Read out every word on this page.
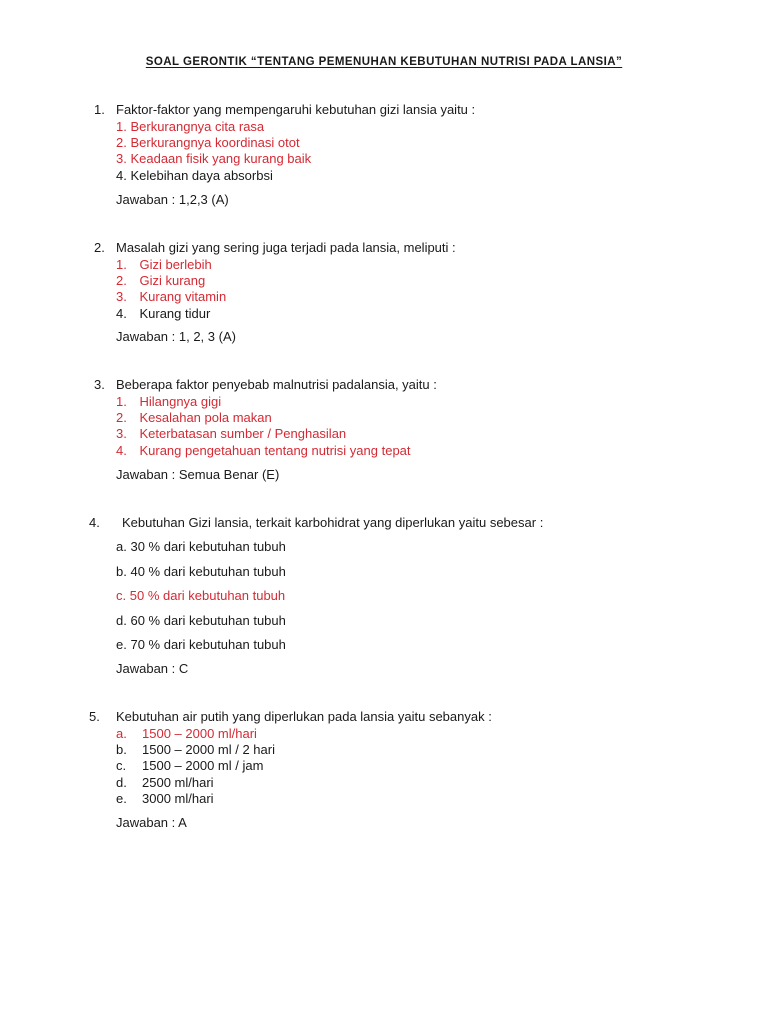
SOAL GERONTIK “TENTANG PEMENUHAN KEBUTUHAN NUTRISI PADA LANSIA”
1. Faktor-faktor yang mempengaruhi kebutuhan gizi lansia yaitu :
1. Berkurangnya cita rasa
2. Berkurangnya koordinasi otot
3. Keadaan fisik yang kurang baik
4. Kelebihan daya absorbsi
Jawaban : 1,2,3 (A)
2. Masalah gizi yang sering juga terjadi pada lansia, meliputi :
1. Gizi berlebih
2. Gizi kurang
3. Kurang vitamin
4. Kurang tidur
Jawaban : 1, 2, 3 (A)
3. Beberapa faktor penyebab malnutrisi padalansia, yaitu :
1. Hilangnya gigi
2. Kesalahan pola makan
3. Keterbatasan sumber / Penghasilan
4. Kurang pengetahuan tentang nutrisi yang tepat
Jawaban : Semua Benar (E)
4. Kebutuhan Gizi lansia, terkait karbohidrat yang diperlukan yaitu sebesar :
a. 30 % dari kebutuhan tubuh
b. 40 % dari kebutuhan tubuh
c. 50 % dari kebutuhan tubuh
d. 60 % dari kebutuhan tubuh
e. 70 % dari kebutuhan tubuh
Jawaban : C
5. Kebutuhan air putih yang diperlukan pada lansia yaitu sebanyak :
a. 1500 – 2000 ml/hari
b. 1500 – 2000 ml / 2 hari
c. 1500 – 2000 ml / jam
d. 2500 ml/hari
e. 3000 ml/hari
Jawaban : A
